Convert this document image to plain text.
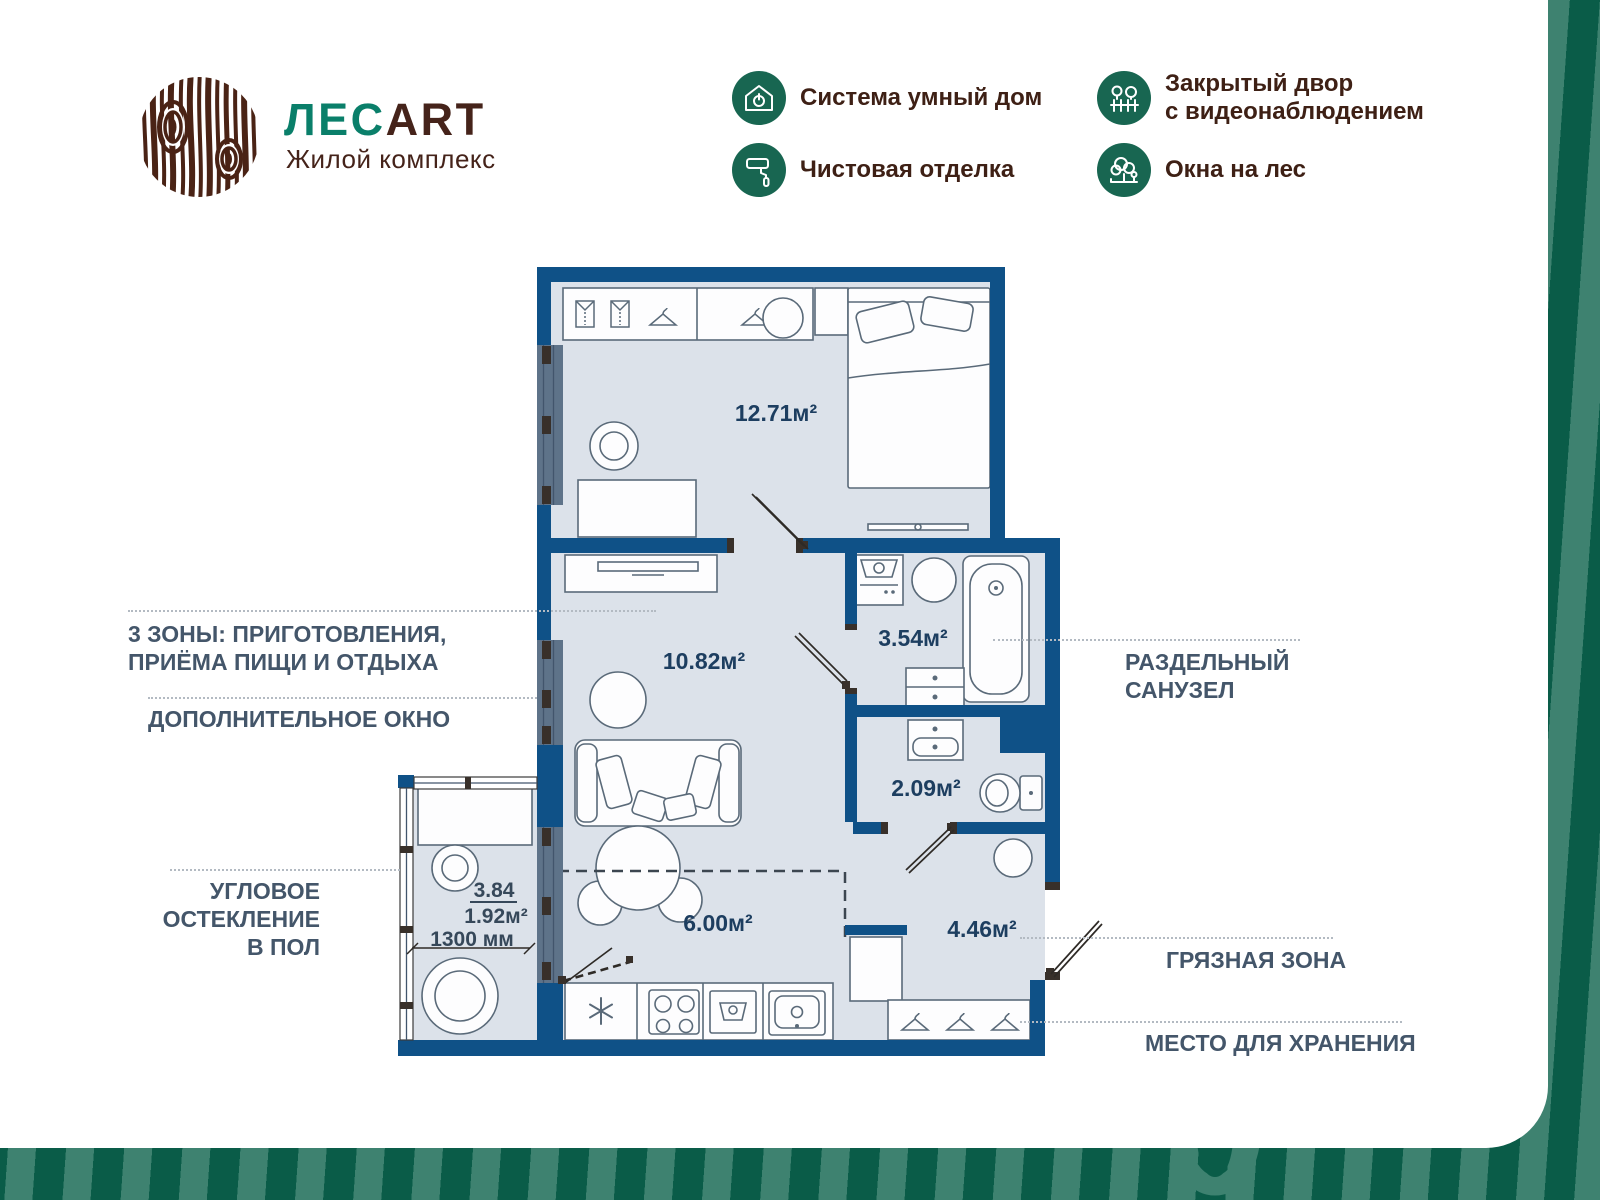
ЛЕСART
Жилой комплекс
Система умный дом
Чистовая отделка
Закрытый двор
с видеонаблюдением
Окна на лес
12.71м²
10.82м²
3.54м²
2.09м²
6.00м²	4.46м²
3.84
1.92м²
1300 мм
3 ЗОНЫ: ПРИГОТОВЛЕНИЯ,
ПРИЁМА ПИЩИ И ОТДЫХА
ДОПОЛНИТЕЛЬНОЕ ОКНО
УГЛОВОЕ
ОСТЕКЛЕНИЕ
В ПОЛ
РАЗДЕЛЬНЫЙ
САНУЗЕЛ
ГРЯЗНАЯ ЗОНА
МЕСТО ДЛЯ ХРАНЕНИЯ
